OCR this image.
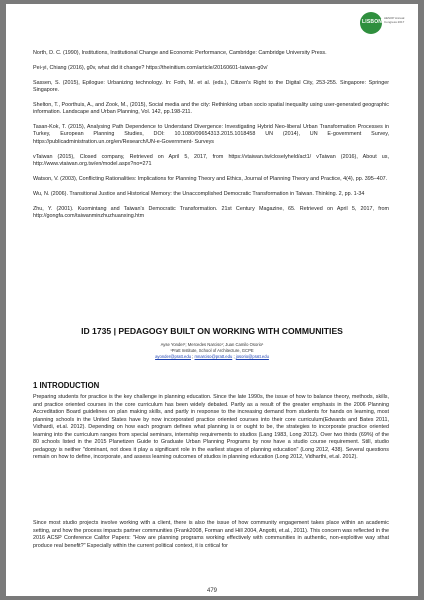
LISBON
AESOP Annual Congress 2017

North, D. C. (1990), Institutions, Institutional Change and Economic Performance, Cambridge: Cambridge University Press.

Pei-yi, Chiang (2016), g0v, what did it change? https://theinitium.com/article/20160601-taiwan-g0v/

Sassen, S. (2015), Epilogue: Urbanizing technology. In: Foth, M. et al. (eds.), Citizen's Right to the Digital City, 253-255. Singapore: Springer Singapore.

Shelton, T., Poorthuis, A., and Zook, M., (2015), Social media and the city: Rethinking urban socio spatial inequality using user-generated geographic information. Landscape and Urban Planning, Vol. 142, pp.198-211.

Tasan-Kok, T. (2015), Analysing Path Dependence to Understand Divergence: Investigating Hybrid Neo-liberal Urban Transformation Processes in Turkey, European Planning Studies, DOI: 10.1080/09654313.2015.1018458 UN (2014), UN E-government Survey, https://publicadministration.un.org/en/Research/UN-e-Government- Surveys

vTaiwan (2015), Closed company, Retrieved on April 5, 2017, from https://vtaiwan.tw/closelyheld/act1/ vTaiwan (2016), About us, http://www.vtaiwan.org.tw/en/model.aspx?no=271

Watson, V. (2003), Conflicting Rationalities: Implications for Planning Theory and Ethics, Journal of Planning Theory and Practice, 4(4), pp. 395–407.

Wu, N. (2006). Transitional Justice and Historical Memory: the Unaccomplished Democratic Transformation in Taiwan. Thinking. 2, pp. 1-34

Zhu, Y. (2001). Kuomintang and Taiwan's Democratic Transformation. 21st Century Magazine, 65. Retrieved on April 5, 2017, from http://gongfa.com/taiwanminzhuzhuanxing.htm

ID 1735 | PEDAGOGY BUILT ON WORKING WITH COMMUNITIES
Ayse Yonder¹; Mercedes Narciso¹; Juan Camilo Osorio¹
¹Pratt Institute, School of Architecture, GCPE
ayonder@pratt.edu ; mnarciso@pratt.edu ; josorio@pratt.edu
1 INTRODUCTION

Preparing students for practice is the key challenge in planning education. Since the late 1990s, the issue of how to balance theory, methods, skills, and practice oriented courses in the core curriculum has been widely debated. Partly as a result of the greater emphasis in the 2006 Planning Accreditation Board guidelines on plan making skills, and partly in response to the increasing demand from students for hands on learning, most planning schools in the United States have by now incorporated practice oriented courses into their core curriculum(Edwards and Bates 2011, Vidhardi, et.al. 2012). Depending on how each program defines what planning is or ought to be, the strategies to incorporate practice oriented learning into the curriculum ranges from special seminars, internship requirements to studios (Lang 1983, Long 2012). Over two thirds (69%) of the 80 schools listed in the 2015 Planetizen Guide to Graduate Urban Planning Programs by now have a studio course requirement. Still, studio pedagogy is neither "dominant, not does it play a significant role in the earliest stages of planning education" (Long 2012, 438). Several questions remain on how to define, incorporate, and assess learning outcomes of studios in planning education (Long 2012, Vidharthi, et.al. 2012).

Since most studio projects involve working with a client, there is also the issue of how community engagement takes place within an academic setting, and how the process impacts partner communities (Frank2008, Forman and Hill 2004, Angotti, et.al., 2011). This concern was reflected in the 2016 ACSP Conference Califor Papers: "How are planning programs working effectively with communities in authentic, non-exploitive way sthat produce real benefit?" Especially within the current political context, it is critical for

479
